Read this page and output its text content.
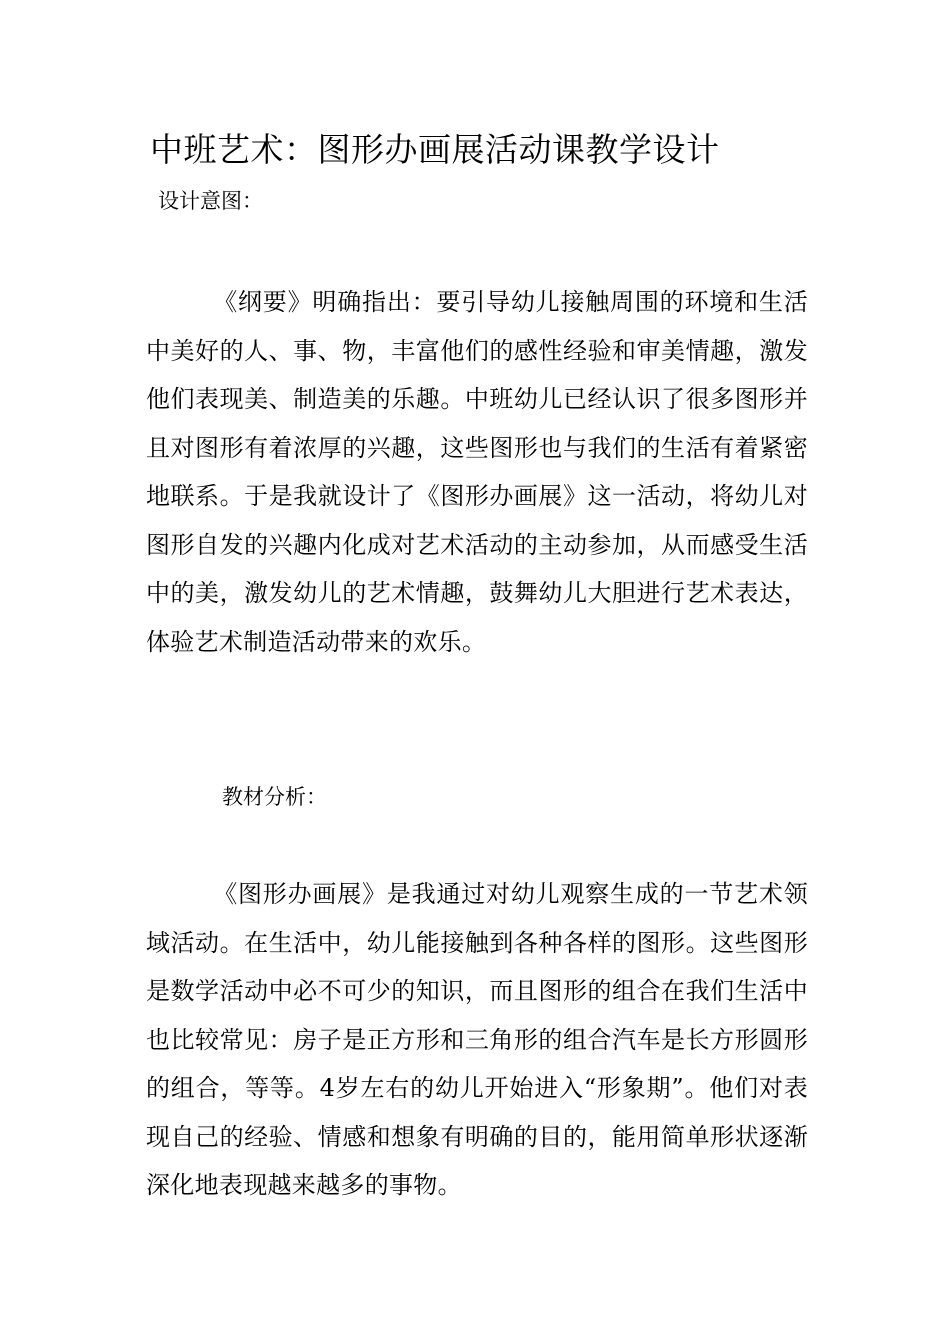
中班艺术：图形办画展活动课教学设计
设计意图：

《纲要》明确指出：要引导幼儿接触周围的环境和生活中美好的人、事、物，丰富他们的感性经验和审美情趣，激发他们表现美、制造美的乐趣。中班幼儿已经认识了很多图形并且对图形有着浓厚的兴趣，这些图形也与我们的生活有着紧密地联系。于是我就设计了《图形办画展》这一活动，将幼儿对图形自发的兴趣内化成对艺术活动的主动参加，从而感受生活中的美，激发幼儿的艺术情趣，鼓舞幼儿大胆进行艺术表达，体验艺术制造活动带来的欢乐。

教材分析：

《图形办画展》是我通过对幼儿观察生成的一节艺术领域活动。在生活中，幼儿能接触到各种各样的图形。这些图形是数学活动中必不可少的知识，而且图形的组合在我们生活中也比较常见：房子是正方形和三角形的组合汽车是长方形圆形的组合，等等。4岁左右的幼儿开始进入“形象期”。他们对表现自己的经验、情感和想象有明确的目的，能用简单形状逐渐深化地表现越来越多的事物。
